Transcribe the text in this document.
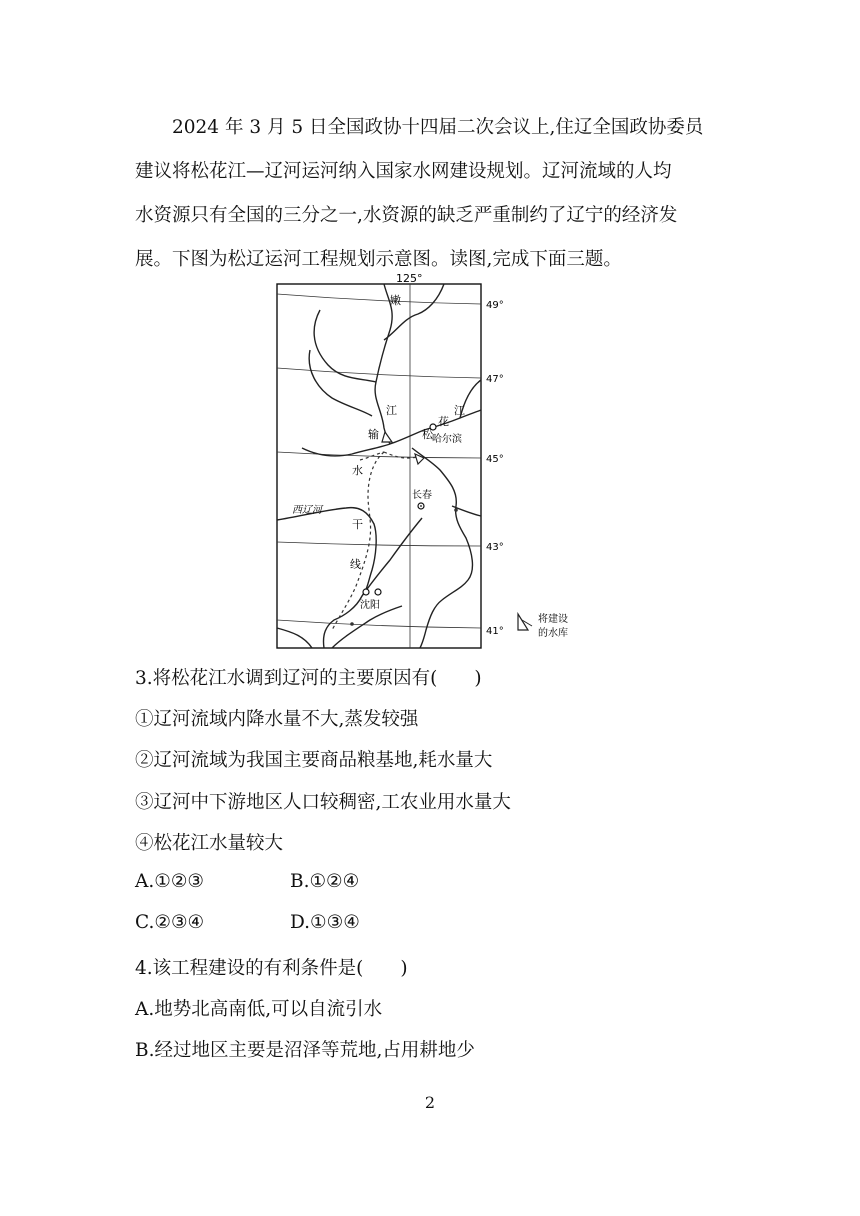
2024 年 3 月 5 日全国政协十四届二次会议上,住辽全国政协委员
建议将松花江—辽河运河纳入国家水网建设规划。辽河流域的人均
水资源只有全国的三分之一,水资源的缺乏严重制约了辽宁的经济发
展。下图为松辽运河工程规划示意图。读图,完成下面三题。
125°
49°
47°
45°
43°
41°
嫩
江
松
花
江
哈尔滨
长春
西辽河
输
水
干
线
沈阳
将建设
的水库
3.将松花江水调到辽河的主要原因有(　　)
①辽河流域内降水量不大,蒸发较强
②辽河流域为我国主要商品粮基地,耗水量大
③辽河中下游地区人口较稠密,工农业用水量大
④松花江水量较大
A.①②③	B.①②④
C.②③④	D.①③④
4.该工程建设的有利条件是(　　)
A.地势北高南低,可以自流引水
B.经过地区主要是沼泽等荒地,占用耕地少
2
